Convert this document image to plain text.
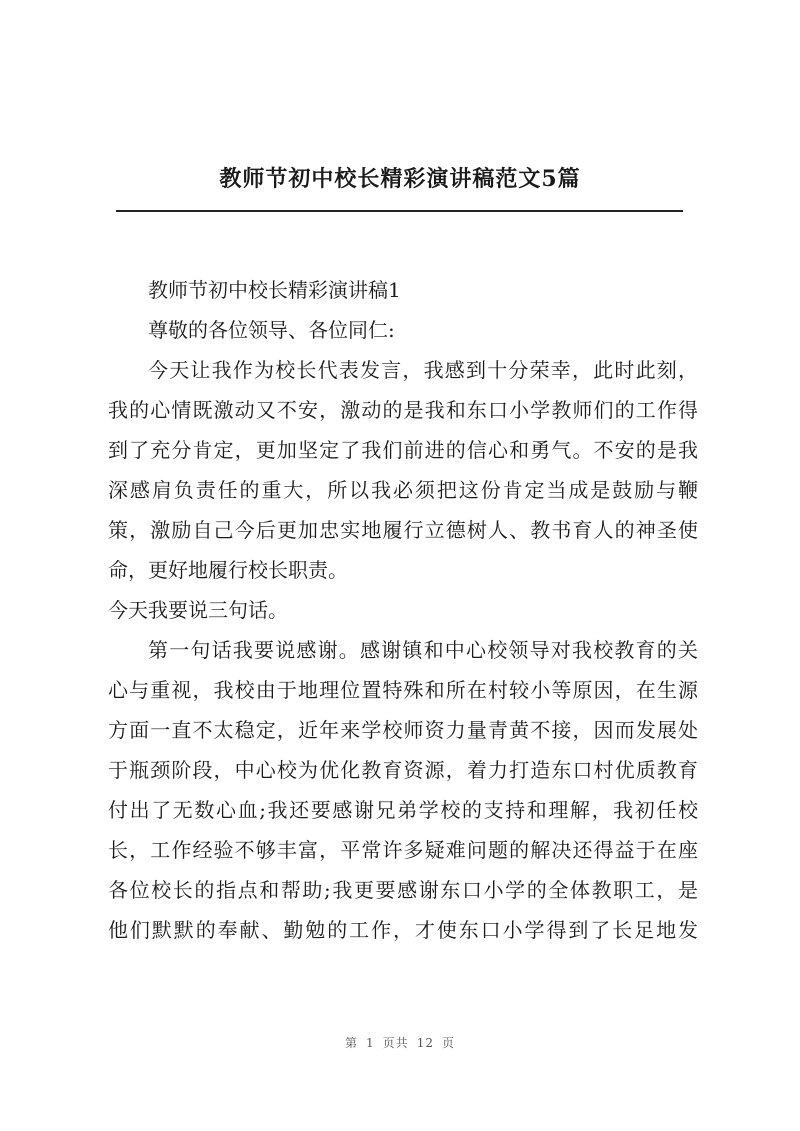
教师节初中校长精彩演讲稿范文5篇
教师节初中校长精彩演讲稿1
尊敬的各位领导、各位同仁:
今天让我作为校长代表发言，我感到十分荣幸，此时此刻，
我的心情既激动又不安，激动的是我和东口小学教师们的工作得
到了充分肯定，更加坚定了我们前进的信心和勇气。不安的是我
深感肩负责任的重大，所以我必须把这份肯定当成是鼓励与鞭
策，激励自己今后更加忠实地履行立德树人、教书育人的神圣使
命，更好地履行校长职责。
今天我要说三句话。
第一句话我要说感谢。感谢镇和中心校领导对我校教育的关
心与重视，我校由于地理位置特殊和所在村较小等原因，在生源
方面一直不太稳定，近年来学校师资力量青黄不接，因而发展处
于瓶颈阶段，中心校为优化教育资源，着力打造东口村优质教育
付出了无数心血;我还要感谢兄弟学校的支持和理解，我初任校
长，工作经验不够丰富，平常许多疑难问题的解决还得益于在座
各位校长的指点和帮助;我更要感谢东口小学的全体教职工，是
他们默默的奉献、勤勉的工作，才使东口小学得到了长足地发
第 1 页共 12 页
